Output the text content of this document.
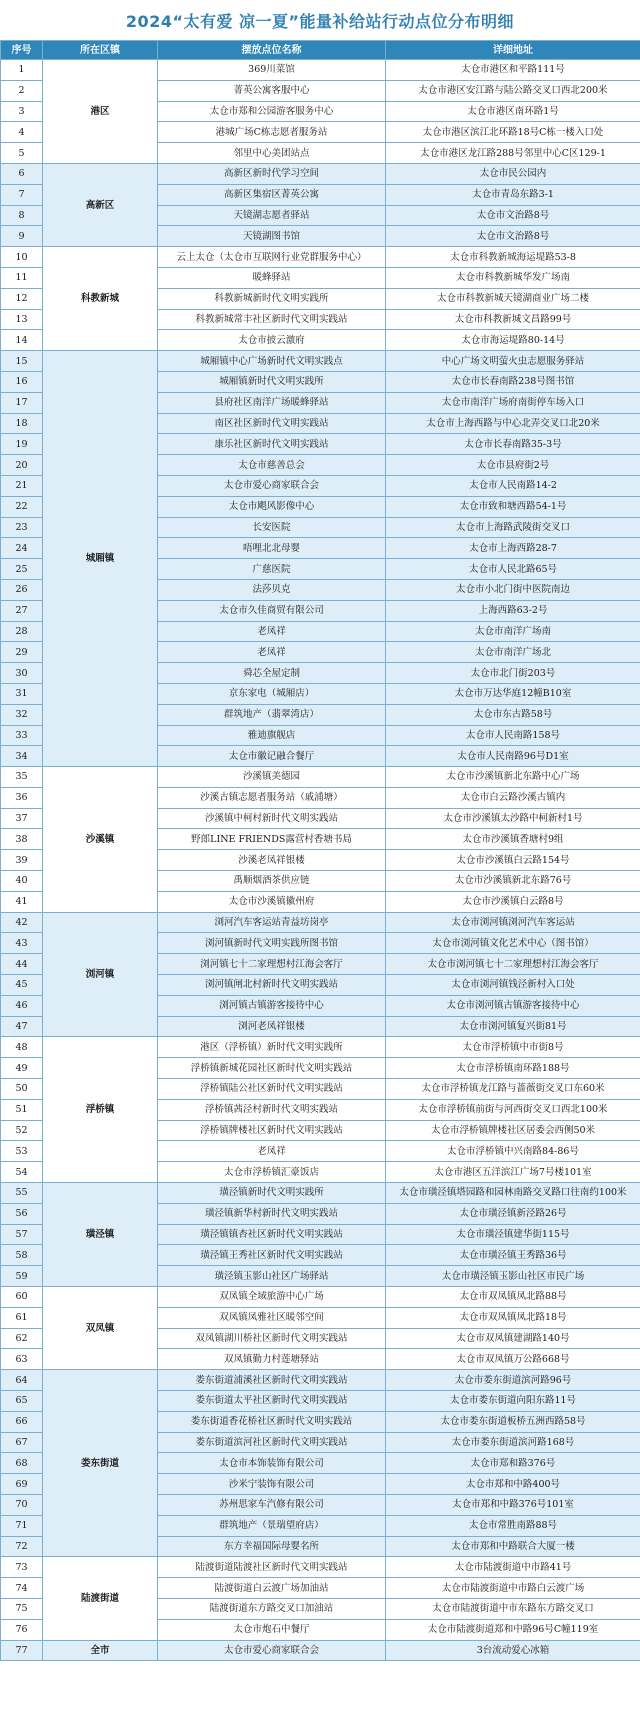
2024“太有爱 凉一夏”能量补给站行动点位分布明细
序号	所在区镇	摆放点位名称	详细地址
1	港区	369川菜馆	太仓市港区和平路111号
2		菁英公寓客服中心	太仓市港区安江路与陆公路交叉口西北200米
3		太仓市郑和公园游客服务中心	太仓市港区南环路1号
4		港城广场C栋志愿者服务站	太仓市港区滨江北环路18号C栋一楼入口处
5		邻里中心美团站点	太仓市港区龙江路288号邻里中心C区129-1
6	高新区	高新区新时代学习空间	太仓市民公园内
7		高新区集宿区菁英公寓	太仓市青岛东路3-1
8		天镜湖志愿者驿站	太仓市文治路8号
9		天镜湖图书馆	太仓市文治路8号
10	科教新城	云上太仓（太仓市互联网行业党群服务中心）	太仓市科教新城海运堤路53-8
11		暖蜂驿站	太仓市科教新城华发广场南
12		科教新城新时代文明实践所	太仓市科教新城天镜湖商业广场二楼
13		科教新城常丰社区新时代文明实践站	太仓市科教新城文昌路99号
14		太仓市披云激府	太仓市海运堤路80-14号
15	城厢镇	城厢镇中心广场新时代文明实践点	中心广场文明萤火虫志愿服务驿站
16		城厢镇新时代文明实践所	太仓市长春南路238号图书馆
17		县府社区南洋广场暖蜂驿站	太仓市南洋广场府南街停车场入口
18		南区社区新时代文明实践站	太仓市上海西路与中心北弄交叉口北20米
19		康乐社区新时代文明实践站	太仓市长春南路35-3号
20		太仓市慈善总会	太仓市县府街2号
21		太仓市爱心商家联合会	太仓市人民南路14-2
22		太仓市飓风影像中心	太仓市致和塘西路54-1号
23		长安医院	太仓市上海路武陵街交叉口
24		唔哩北北母婴	太仓市上海西路28-7
25		广慈医院	太仓市人民北路65号
26		法莎贝克	太仓市小北门街中医院南边
27		太仓市久佳商贸有限公司	上海西路63-2号
28		老凤祥	太仓市南洋广场南
29		老凤祥	太仓市南洋广场北
30		舜芯全屋定制	太仓市北门街203号
31		京东家电（城厢店）	太仓市万达华庭12幢B10室
32		群筑地产（翡翠湾店）	太仓市东古路58号
33		雅迪旗舰店	太仓市人民南路158号
34		太仓市徽记融合餐厅	太仓市人民南路96号D1室
35	沙溪镇	沙溪镇美德园	太仓市沙溪镇新北东路中心广场
36		沙溪古镇志愿者服务站（戚浦塘）	太仓市白云路沙溪古镇内
37		沙溪镇中柯村新时代文明实践站	太仓市沙溪镇太沙路中柯新村1号
38		野郎LINE FRIENDS露营村香塘书局	太仓市沙溪镇香塘村9组
39		沙溪老凤祥银楼	太仓市沙溪镇白云路154号
40		禹顺烟酒茶供应链	太仓市沙溪镇新北东路76号
41		太仓市沙溪镇徽州府	太仓市沙溪镇白云路8号
42	浏河镇	浏河汽车客运站青益坊岗亭	太仓市浏河镇浏河汽车客运站
43		浏河镇新时代文明实践所图书馆	太仓市浏河镇文化艺术中心（图书馆）
44		浏河镇七十二家理想村江海会客厅	太仓市浏河镇七十二家理想村江海会客厅
45		浏河镇闸北村新时代文明实践站	太仓市浏河镇钱泾新村入口处
46		浏河镇古镇游客接待中心	太仓市浏河镇古镇游客接待中心
47		浏河老凤祥银楼	太仓市浏河镇复兴街81号
48	浮桥镇	港区（浮桥镇）新时代文明实践所	太仓市浮桥镇中市街8号
49		浮桥镇新城花园社区新时代文明实践站	太仓市浮桥镇南环路188号
50		浮桥镇陆公社区新时代文明实践站	太仓市浮桥镇龙江路与蔷薇街交叉口东60米
51		浮桥镇茜泾村新时代文明实践站	太仓市浮桥镇前街与河西街交叉口西北100米
52		浮桥镇牌楼社区新时代文明实践站	太仓市浮桥镇牌楼社区居委会西侧50米
53		老凤祥	太仓市浮桥镇中兴南路84-86号
54		太仓市浮桥镇汇豪饭店	太仓市港区五洋滨江广场7号楼101室
55	璜泾镇	璜泾镇新时代文明实践所	太仓市璜泾镇塔园路和园林南路交叉路口往南约100米
56		璜泾镇新华村新时代文明实践站	太仓市璜泾镇新泾路26号
57		璜泾镇镇杏社区新时代文明实践站	太仓市璜泾镇建华街115号
58		璜泾镇王秀社区新时代文明实践站	太仓市璜泾镇王秀路36号
59		璜泾镇玉影山社区广场驿站	太仓市璜泾镇玉影山社区市民广场
60	双凤镇	双凤镇全域旅游中心广场	太仓市双凤镇凤北路88号
61		双凤镇凤雅社区暖邻空间	太仓市双凤镇凤北路18号
62		双凤镇湖川桥社区新时代文明实践站	太仓市双凤镇建湖路140号
63		双凤镇勤力村莲塘驿站	太仓市双凤镇万公路668号
64	娄东街道	娄东街道浦溪社区新时代文明实践站	太仓市娄东街道滨河路96号
65		娄东街道太平社区新时代文明实践站	太仓市娄东街道向阳东路11号
66		娄东街道香花桥社区新时代文明实践站	太仓市娄东街道板桥五洲西路58号
67		娄东街道滨河社区新时代文明实践站	太仓市娄东街道滨河路168号
68		太仓市本饰装饰有限公司	太仓市郑和路376号
69		沙米宁装饰有限公司	太仓市郑和中路400号
70		苏州思家车汽修有限公司	太仓市郑和中路376号101室
71		群筑地产（景瑞望府店）	太仓市常胜南路88号
72		东方幸福国际母婴名所	太仓市郑和中路联合大厦一楼
73	陆渡街道	陆渡街道陆渡社区新时代文明实践站	太仓市陆渡街道中市路41号
74		陆渡街道白云渡广场加油站	太仓市陆渡街道中市路白云渡广场
75		陆渡街道东方路交叉口加油站	太仓市陆渡街道中市东路东方路交叉口
76		太仓市炮石中餐厅	太仓市陆渡街道郑和中路96号C幢119室
77	全市	太仓市爱心商家联合会	3台流动爱心冰箱
